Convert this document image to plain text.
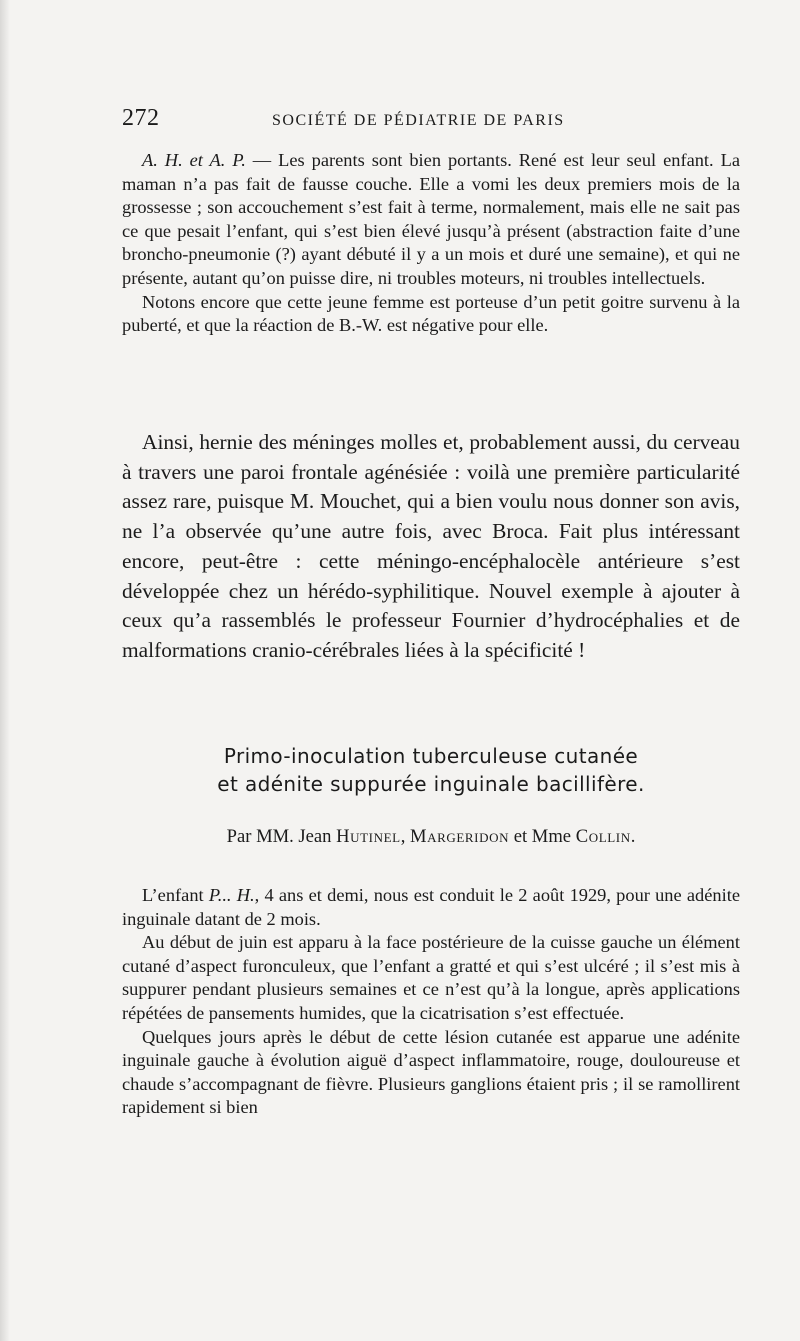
272	SOCIÉTÉ DE PÉDIATRIE DE PARIS

A. H. et A. P. — Les parents sont bien portants. René est leur seul enfant. La maman n’a pas fait de fausse couche. Elle a vomi les deux premiers mois de la grossesse ; son accouchement s’est fait à terme, normalement, mais elle ne sait pas ce que pesait l’enfant, qui s’est bien élevé jusqu’à présent (abstraction faite d’une broncho-pneumonie (?) ayant débuté il y a un mois et duré une semaine), et qui ne présente, autant qu’on puisse dire, ni troubles moteurs, ni troubles intellectuels.

Notons encore que cette jeune femme est porteuse d’un petit goitre survenu à la puberté, et que la réaction de B.-W. est négative pour elle.

Ainsi, hernie des méninges molles et, probablement aussi, du cerveau à travers une paroi frontale agénésiée : voilà une première particularité assez rare, puisque M. Mouchet, qui a bien voulu nous donner son avis, ne l’a observée qu’une autre fois, avec Broca. Fait plus intéressant encore, peut-être : cette méningo-encéphalocèle antérieure s’est développée chez un hérédo-syphilitique. Nouvel exemple à ajouter à ceux qu’a rassemblés le professeur Fournier d’hydrocéphalies et de malformations cranio-cérébrales liées à la spécificité !

Primo-inoculation tuberculeuse cutanée
et adénite suppurée inguinale bacillifère.
Par MM. Jean Hutinel, Margeridon et Mme Collin.

L’enfant P... H., 4 ans et demi, nous est conduit le 2 août 1929, pour une adénite inguinale datant de 2 mois.

Au début de juin est apparu à la face postérieure de la cuisse gauche un élément cutané d’aspect furonculeux, que l’enfant a gratté et qui s’est ulcéré ; il s’est mis à suppurer pendant plusieurs semaines et ce n’est qu’à la longue, après applications répétées de pansements humides, que la cicatrisation s’est effectuée.

Quelques jours après le début de cette lésion cutanée est apparue une adénite inguinale gauche à évolution aiguë d’aspect inflammatoire, rouge, douloureuse et chaude s’accompagnant de fièvre. Plusieurs ganglions étaient pris ; il se ramollirent rapidement si bien
